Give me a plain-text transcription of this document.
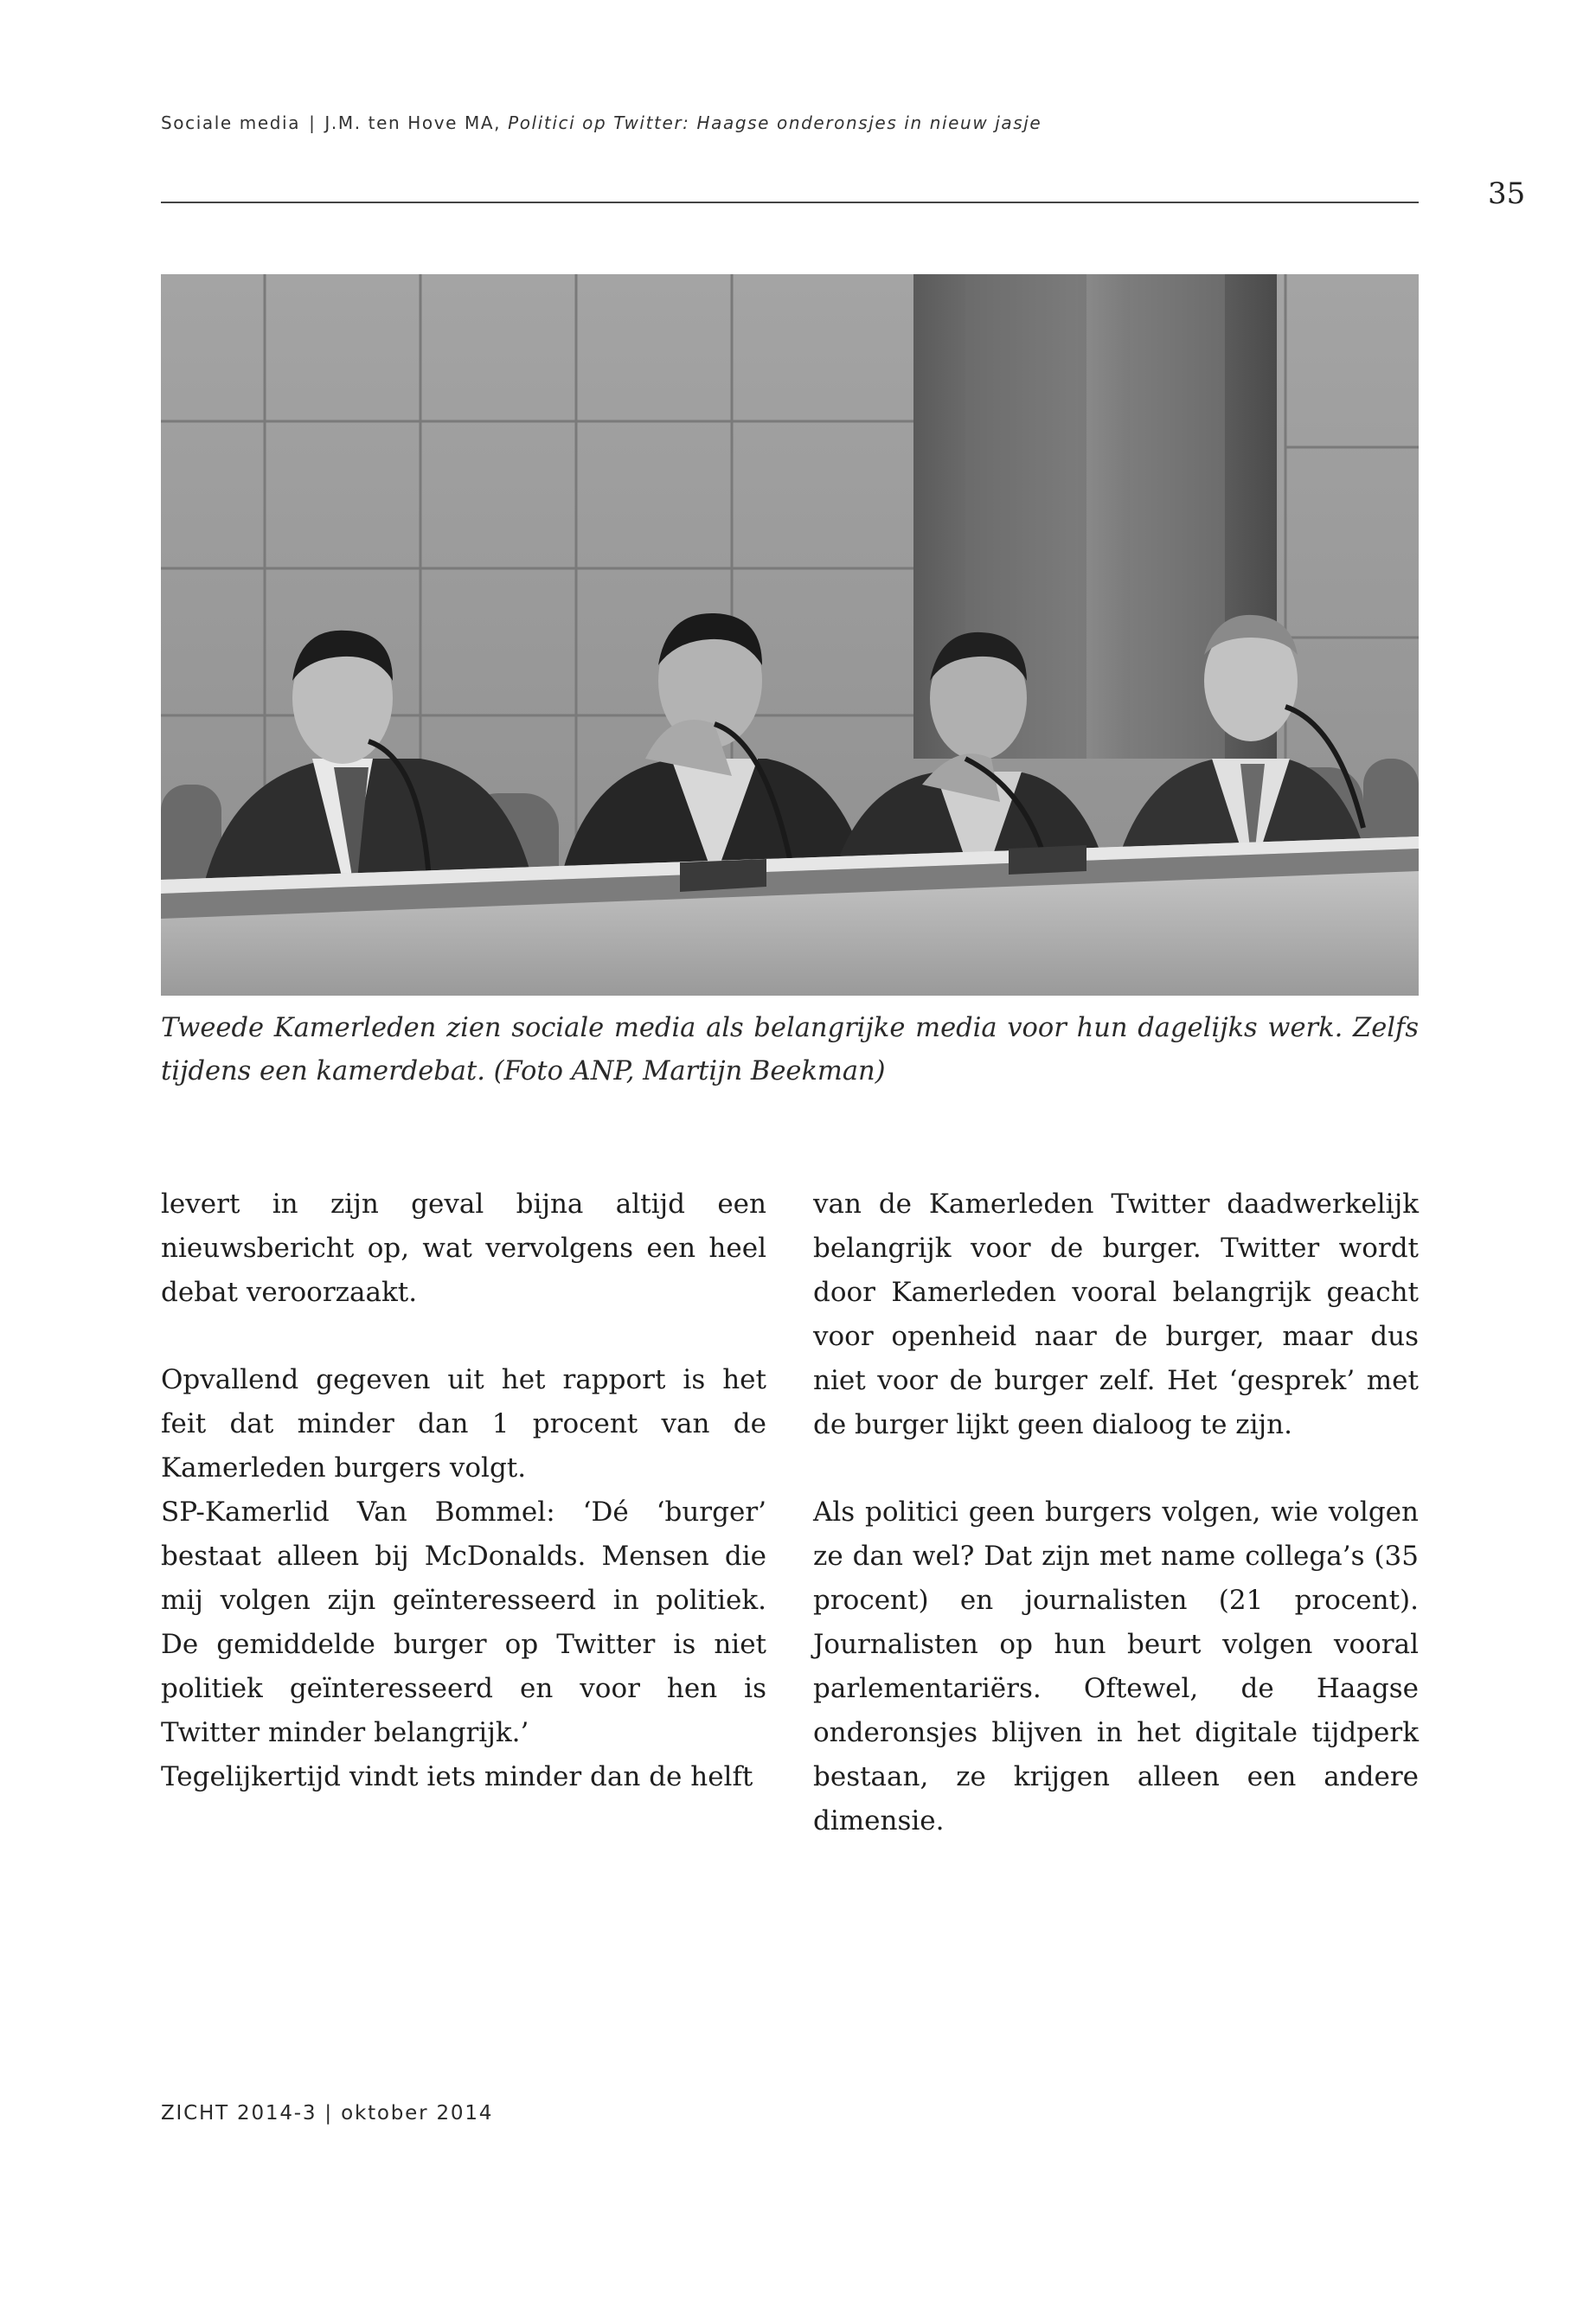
Sociale media | J.M. ten Hove MA, Politici op Twitter: Haagse onderonsjes in nieuw jasje
35
Tweede Kamerleden zien sociale media als belangrijke media voor hun dagelijks werk. Zelfs tijdens een kamerdebat. (Foto ANP, Martijn Beekman)

levert in zijn geval bijna altijd een nieuwsbericht op, wat vervolgens een heel debat veroorzaakt.

Opvallend gegeven uit het rapport is het feit dat minder dan 1 procent van de Kamerleden burgers volgt.

SP-Kamerlid Van Bommel: ‘Dé ‘burger’ bestaat alleen bij McDonalds. Mensen die mij volgen zijn geïnteresseerd in politiek. De gemiddelde burger op Twitter is niet politiek geïnteresseerd en voor hen is Twitter minder belangrijk.’

Tegelijkertijd vindt iets minder dan de helft

van de Kamerleden Twitter daadwerkelijk belangrijk voor de burger. Twitter wordt door Kamerleden vooral belangrijk geacht voor openheid naar de burger, maar dus niet voor de burger zelf. Het ‘gesprek’ met de burger lijkt geen dialoog te zijn.

Als politici geen burgers volgen, wie volgen ze dan wel? Dat zijn met name collega’s (35 procent) en journalisten (21 procent). Journalisten op hun beurt volgen vooral parlementariërs. Oftewel, de Haagse onderonsjes blijven in het digitale tijdperk bestaan, ze krijgen alleen een andere dimensie.

ZICHT 2014-3 | oktober 2014
